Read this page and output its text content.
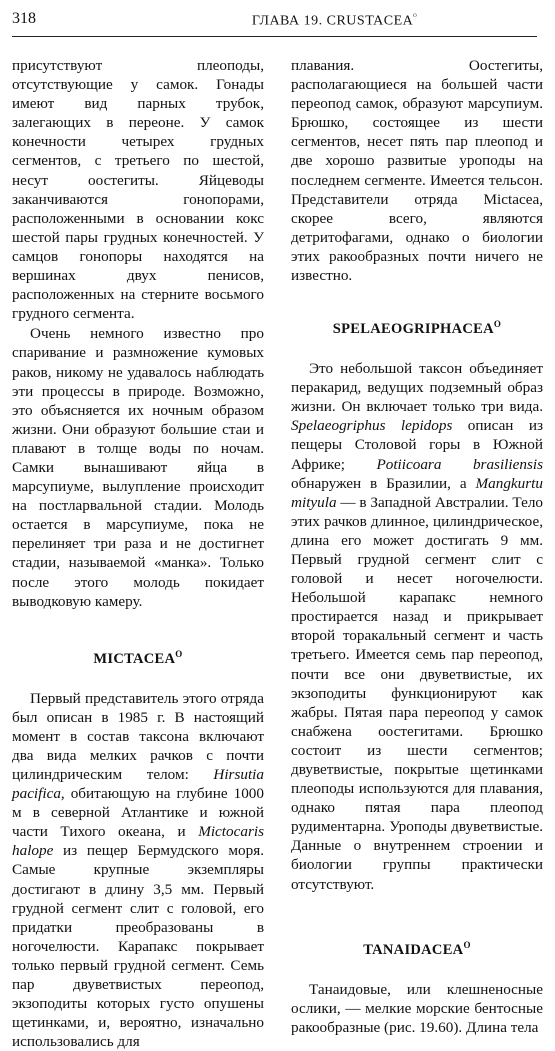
318	ГЛАВА 19. $CRUSTACEA^ᴼ$

присутствуют плеоподы, отсутствующие у самок. Гонады имеют вид парных трубок, залегающих в переоне. У самок конечности четырех грудных сегментов, с третьего по шестой, несут оостегиты. Яйцеводы заканчиваются гонопорами, расположенными в основании кокс шестой пары грудных конечностей. У самцов гонопоры находятся на вершинах двух пенисов, расположенных на стерните восьмого грудного сегмента.

Очень немного известно про спаривание и размножение кумовых раков, никому не удавалось наблюдать эти процессы в природе. Возможно, это объясняется их ночным образом жизни. Они образуют большие стаи и плавают в толще воды по ночам. Самки вынашивают яйца в марсупиуме, вылупление происходит на постларвальной стадии. Молодь остается в марсупиуме, пока не перелиняет три раза и не достигнет стадии, называемой «манка». Только после этого молодь покидает выводковую камеру.

$MICTACEA^O$

Первый представитель этого отряда был описан в 1985 г. В настоящий момент в состав таксона включают два вида мелких рачков с почти цилиндрическим телом: Hirsutia pacifica, обитающую на глубине 1000 м в северной Атлантике и южной части Тихого океана, и Mictocaris halope из пещер Бермудского моря. Самые крупные экземпляры достигают в длину 3,5 мм. Первый грудной сегмент слит с головой, его придатки преобразованы в ногочелюсти. Карапакс покрывает только первый грудной сегмент. Семь пар двуветвистых переопод, экзоподиты которых густо опушены щетинками, и, вероятно, изначально использовались для

плавания. Оостегиты, располагающиеся на большей части переопод самок, образуют марсупиум. Брюшко, состоящее из шести сегментов, несет пять пар плеопод и две хорошо развитые уроподы на последнем сегменте. Имеется тельсон. Представители отряда Mictacea, скорее всего, являются детритофагами, однако о биологии этих ракообразных почти ничего не известно.

$SPELAEOGRIPHACEA^O$

Это небольшой таксон объединяет перакарид, ведущих подземный образ жизни. Он включает только три вида. Spelaeogriphus lepidops описан из пещеры Столовой горы в Южной Африке; Potiicoara brasiliensis обнаружен в Бразилии, а Mangkurtu mityula — в Западной Австралии. Тело этих рачков длинное, цилиндрическое, длина его может достигать 9 мм. Первый грудной сегмент слит с головой и несет ногочелюсти. Небольшой карапакс немного простирается назад и прикрывает второй торакальный сегмент и часть третьего. Имеется семь пар переопод, почти все они двуветвистые, их экзоподиты функционируют как жабры. Пятая пара переопод у самок снабжена оостегитами. Брюшко состоит из шести сегментов; двуветвистые, покрытые щетинками плеоподы используются для плавания, однако пятая пара плеопод рудиментарна. Уроподы двуветвистые. Данные о внутреннем строении и биологии группы практически отсутствуют.

$TANAIDACEA^O$

Танаидовые, или клешненосные ослики, — мелкие морские бентосные ракообразные (рис. 19.60). Длина тела
